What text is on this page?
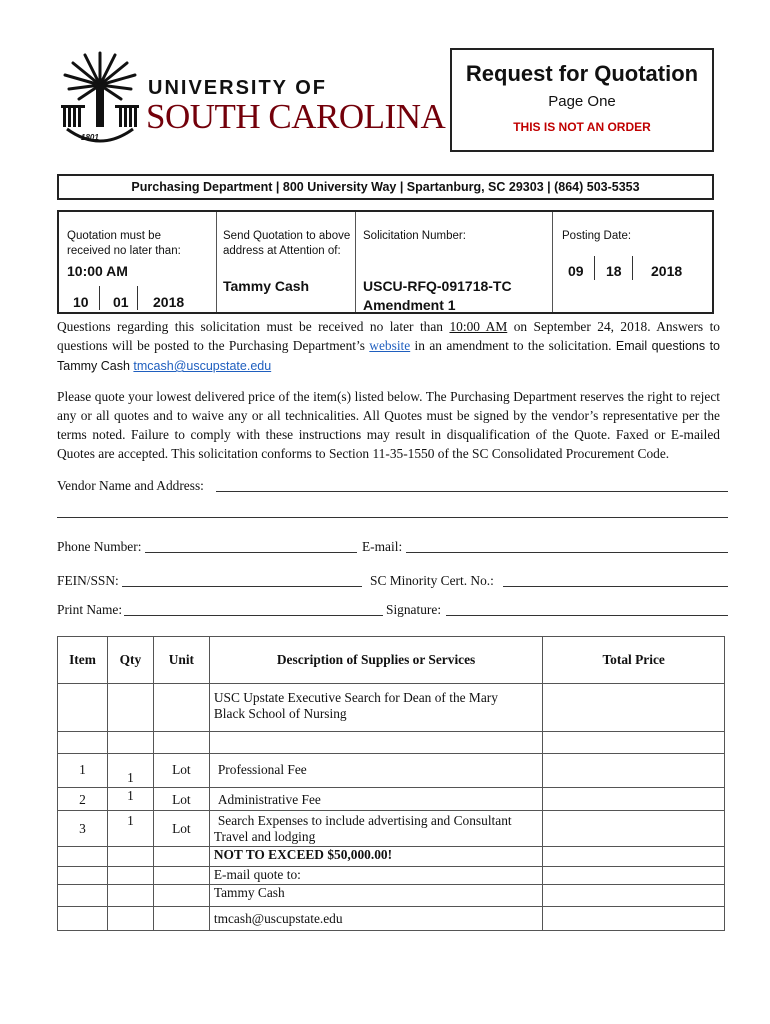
1801
UNIVERSITY OF
SOUTH CAROLINA
Request for Quotation
Page One
THIS IS NOT AN ORDER
Purchasing Department | 800 University Way | Spartanburg, SC 29303 | (864) 503-5353
Quotation must be
received no later than:
10:00 AM
10 01 2018
Send Quotation to above
address at Attention of:
Tammy Cash
Solicitation Number:
USCU-RFQ-091718-TC
Amendment 1
Posting Date:
09 18 2018
Questions regarding this solicitation must be received no later than 10:00 AM on September 24, 2018. Answers to questions will be posted to the Purchasing Department’s website in an amendment to the solicitation. Email questions to Tammy Cash tmcash@uscupstate.edu
Please quote your lowest delivered price of the item(s) listed below. The Purchasing Department reserves the right to reject any or all quotes and to waive any or all technicalities. All Quotes must be signed by the vendor’s representative per the terms noted. Failure to comply with these instructions may result in disqualification of the Quote. Faxed or E-mailed Quotes are accepted. This solicitation conforms to Section 11-35-1550 of the SC Consolidated Procurement Code.
Vendor Name and Address:
Phone Number:	E-mail:
FEIN/SSN:	SC Minority Cert. No.:
Print Name:	Signature:
Item	Qty	Unit	Description of Supplies or Services	Total Price

			USC Upstate Executive Search for Dean of the Mary
Black School of Nursing	

1	1	Lot	Professional Fee	
2	1	Lot	Administrative Fee	
3	1	Lot	Search Expenses to include advertising and Consultant
Travel and lodging	

			NOT TO EXCEED $50,000.00!	
			E-mail quote to:	
			Tammy Cash	
			tmcash@uscupstate.edu	
